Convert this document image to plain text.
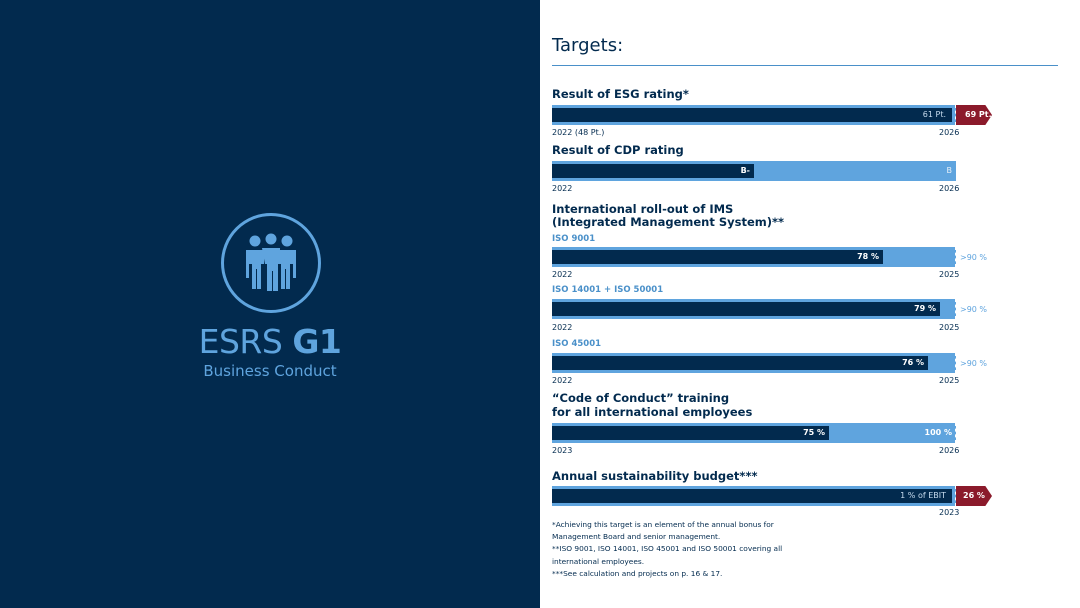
ESRS G1
Business Conduct
Targets:
Result of ESG rating*
61 Pt. 69 Pt.
2022 (48 Pt.)	2026
Result of CDP rating
B-	B
2022	2026
International roll-out of IMS
(Integrated Management System)**
ISO 9001
78 %	>90 %
2022	2025
ISO 14001 + ISO 50001
79 %	>90 %
2022	2025
ISO 45001
76 %	>90 %
2022	2025
“Code of Conduct” training
for all international employees
75 %	100 %
2023	2026
Annual sustainability budget***
1 % of EBIT 26 %
2023
*Achieving this target is an element of the annual bonus for
Management Board and senior management.
**ISO 9001, ISO 14001, ISO 45001 and ISO 50001 covering all
international employees.
***See calculation and projects on p. 16 & 17.
